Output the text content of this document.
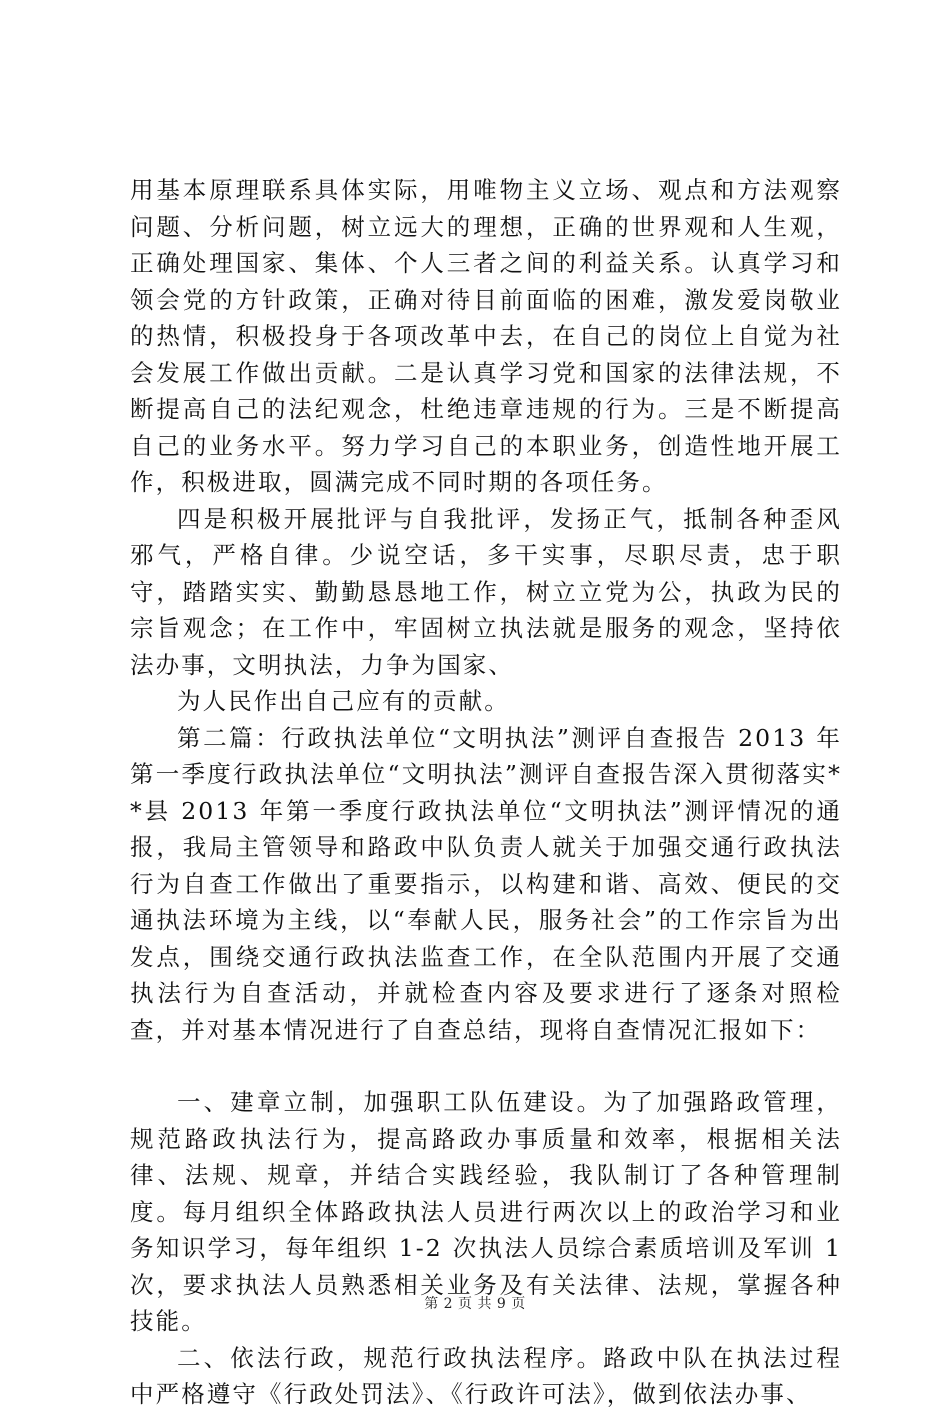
用基本原理联系具体实际，用唯物主义立场、观点和方法观察问题、分析问题，树立远大的理想，正确的世界观和人生观，正确处理国家、集体、个人三者之间的利益关系。认真学习和领会党的方针政策，正确对待目前面临的困难，激发爱岗敬业的热情，积极投身于各项改革中去，在自己的岗位上自觉为社会发展工作做出贡献。二是认真学习党和国家的法律法规，不断提高自己的法纪观念，杜绝违章违规的行为。三是不断提高自己的业务水平。努力学习自己的本职业务，创造性地开展工作，积极进取，圆满完成不同时期的各项任务。

四是积极开展批评与自我批评，发扬正气，抵制各种歪风邪气，严格自律。少说空话，多干实事，尽职尽责，忠于职守，踏踏实实、勤勤恳恳地工作，树立立党为公，执政为民的宗旨观念；在工作中，牢固树立执法就是服务的观念，坚持依法办事，文明执法，力争为国家、

为人民作出自己应有的贡献。

第二篇：行政执法单位“文明执法”测评自查报告 2013 年第一季度行政执法单位“文明执法”测评自查报告深入贯彻落实**县 2013 年第一季度行政执法单位“文明执法”测评情况的通报，我局主管领导和路政中队负责人就关于加强交通行政执法行为自查工作做出了重要指示，以构建和谐、高效、便民的交通执法环境为主线，以“奉献人民，服务社会”的工作宗旨为出发点，围绕交通行政执法监查工作，在全队范围内开展了交通执法行为自查活动，并就检查内容及要求进行了逐条对照检查，并对基本情况进行了自查总结，现将自查情况汇报如下：

一、建章立制，加强职工队伍建设。为了加强路政管理，规范路政执法行为，提高路政办事质量和效率，根据相关法律、法规、规章，并结合实践经验，我队制订了各种管理制度。每月组织全体路政执法人员进行两次以上的政治学习和业务知识学习，每年组织 1-2 次执法人员综合素质培训及军训 1 次，要求执法人员熟悉相关业务及有关法律、法规，掌握各种技能。

二、依法行政，规范行政执法程序。路政中队在执法过程中严格遵守《行政处罚法》、《行政许可法》，做到依法办事、

第 2 页 共 9 页
